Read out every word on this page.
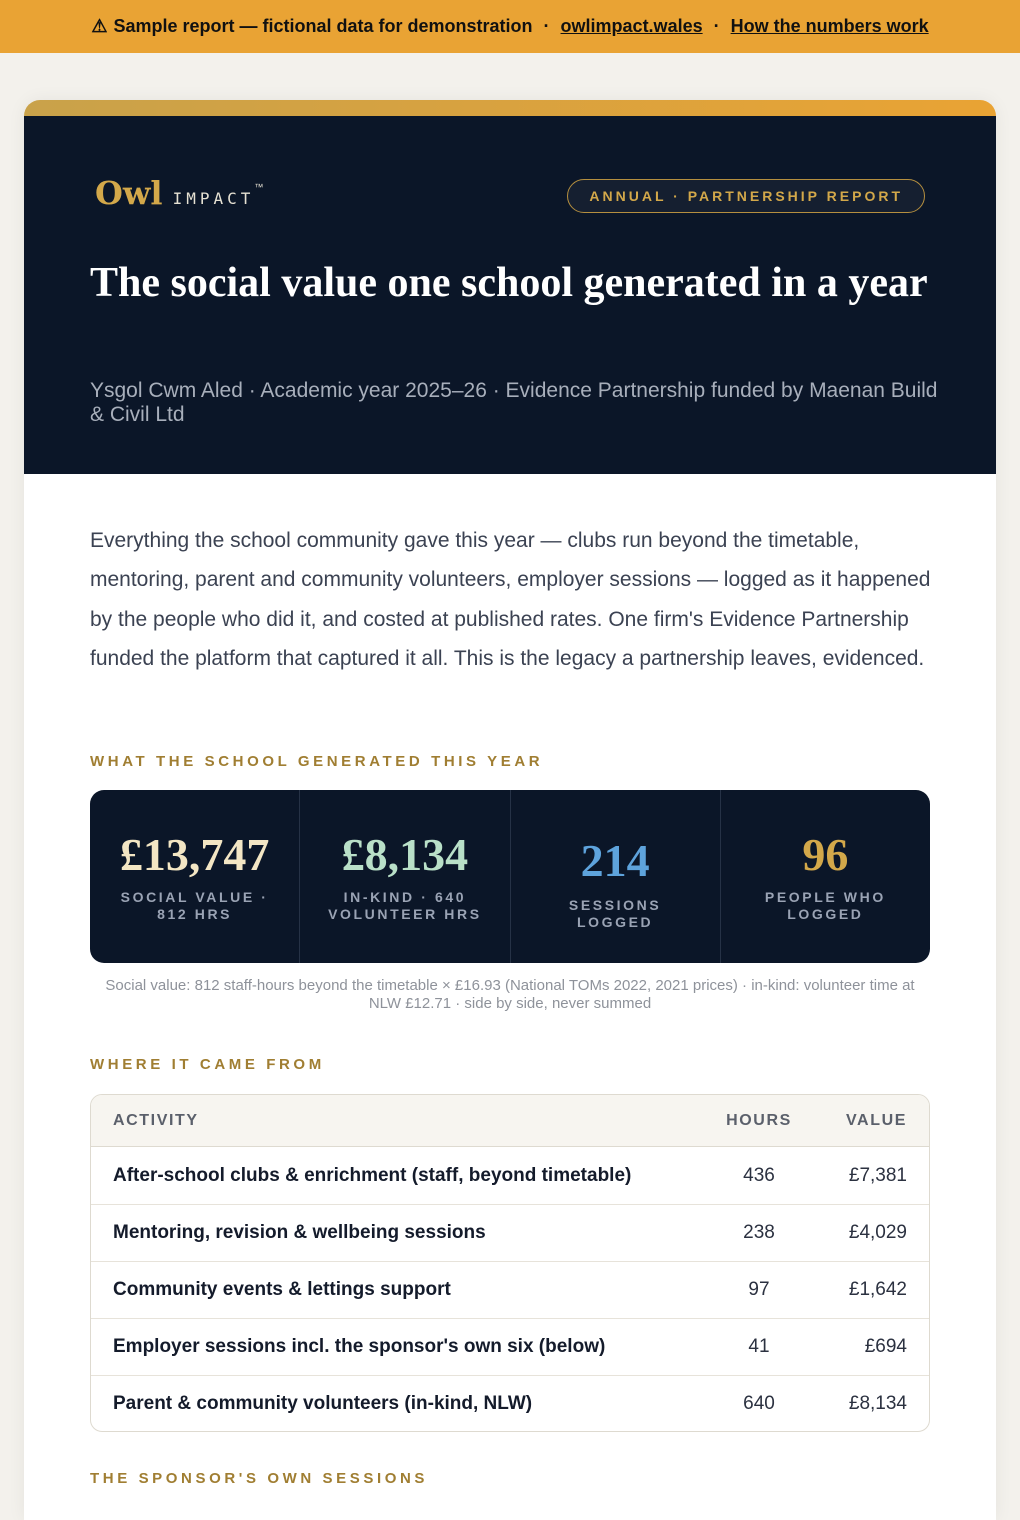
⚠ Sample report — fictional data for demonstration · owlimpact.wales · How the numbers work
Owl IMPACT
™
ANNUAL · PARTNERSHIP REPORT
The social value one school generated in a year
Ysgol Cwm Aled · Academic year 2025–26 · Evidence Partnership funded by Maenan Build & Civil Ltd

Everything the school community gave this year — clubs run beyond the timetable, mentoring, parent and community volunteers, employer sessions — logged as it happened by the people who did it, and costed at published rates. One firm's Evidence Partnership funded the platform that captured it all. This is the legacy a partnership leaves, evidenced.

WHAT THE SCHOOL GENERATED THIS YEAR
£13,747
SOCIAL VALUE · 812 HRS
£8,134
IN-KIND · 640 VOLUNTEER HRS
214
SESSIONS LOGGED
96
PEOPLE WHO LOGGED

Social value: 812 staff-hours beyond the timetable × £16.93 (National TOMs 2022, 2021 prices) · in-kind: volunteer time at NLW £12.71 · side by side, never summed

WHERE IT CAME FROM
ACTIVITY	HOURS	VALUE
After-school clubs & enrichment (staff, beyond timetable)	436	£7,381
Mentoring, revision & wellbeing sessions	238	£4,029
Community events & lettings support	97	£1,642
Employer sessions incl. the sponsor's own six (below)	41	£694
Parent & community volunteers (in-kind, NLW)	640	£8,134
THE SPONSOR'S OWN SESSIONS
